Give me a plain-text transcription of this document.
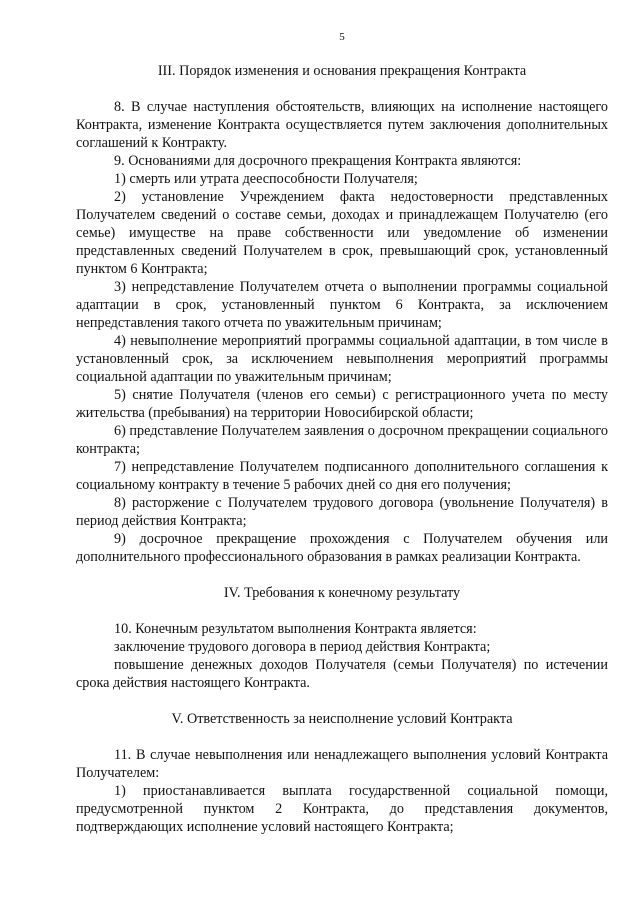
5
III. Порядок изменения и основания прекращения Контракта

8. В случае наступления обстоятельств, влияющих на исполнение настоящего Контракта, изменение Контракта осуществляется путем заключения дополнительных соглашений к Контракту.

9. Основаниями для досрочного прекращения Контракта являются:

1) смерть или утрата дееспособности Получателя;

2) установление Учреждением факта недостоверности представленных Получателем сведений о составе семьи, доходах и принадлежащем Получателю (его семье) имуществе на праве собственности или уведомление об изменении представленных сведений Получателем в срок, превышающий срок, установленный пунктом 6 Контракта;

3) непредставление Получателем отчета о выполнении программы социальной адаптации в срок, установленный пунктом 6 Контракта, за исключением непредставления такого отчета по уважительным причинам;

4) невыполнение мероприятий программы социальной адаптации, в том числе в установленный срок, за исключением невыполнения мероприятий программы социальной адаптации по уважительным причинам;

5) снятие Получателя (членов его семьи) с регистрационного учета по месту жительства (пребывания) на территории Новосибирской области;

6) представление Получателем заявления о досрочном прекращении социального контракта;

7) непредставление Получателем подписанного дополнительного соглашения к социальному контракту в течение 5 рабочих дней со дня его получения;

8) расторжение с Получателем трудового договора (увольнение Получателя) в период действия Контракта;

9) досрочное прекращение прохождения с Получателем обучения или дополнительного профессионального образования в рамках реализации Контракта.

IV. Требования к конечному результату

10. Конечным результатом выполнения Контракта является:

заключение трудового договора в период действия Контракта;

повышение денежных доходов Получателя (семьи Получателя) по истечении срока действия настоящего Контракта.

V. Ответственность за неисполнение условий Контракта

11. В случае невыполнения или ненадлежащего выполнения условий Контракта Получателем:

1) приостанавливается выплата государственной социальной помощи, предусмотренной пунктом 2 Контракта, до представления документов, подтверждающих исполнение условий настоящего Контракта;
